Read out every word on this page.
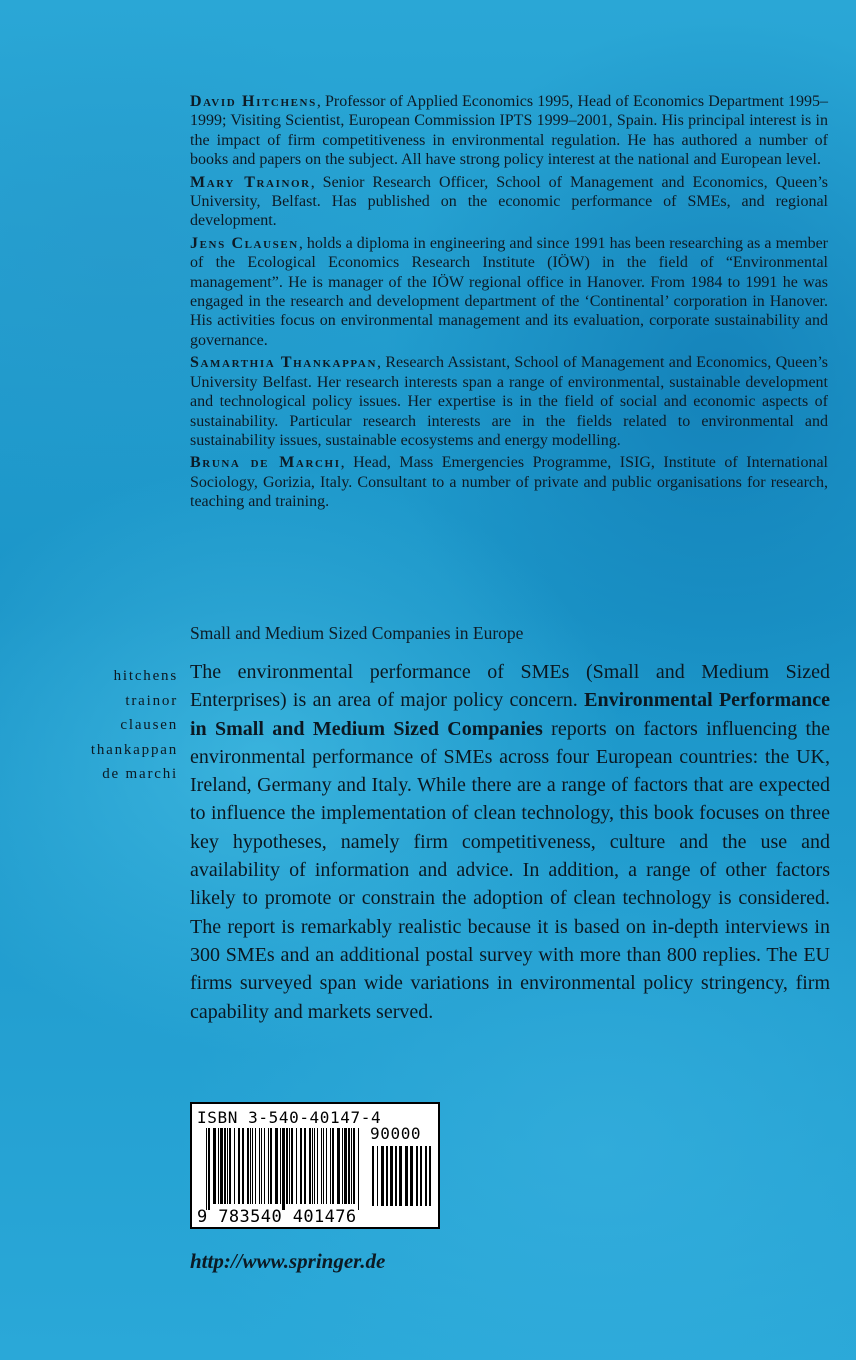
David Hitchens, Professor of Applied Economics 1995, Head of Economics Department 1995–1999; Visiting Scientist, European Commission IPTS 1999–2001, Spain. His principal interest is in the impact of firm competitiveness in environmental regulation. He has authored a number of books and papers on the subject. All have strong policy interest at the national and European level.

Mary Trainor, Senior Research Officer, School of Management and Economics, Queen’s University, Belfast. Has published on the economic performance of SMEs, and regional development.

Jens Clausen, holds a diploma in engineering and since 1991 has been researching as a member of the Ecological Economics Research Institute (IÖW) in the field of “Environmental management”. He is manager of the IÖW regional office in Hanover. From 1984 to 1991 he was engaged in the research and development department of the ‘Continental’ corporation in Hanover. His activities focus on environmental management and its evaluation, corporate sustainability and governance.

Samarthia Thankappan, Research Assistant, School of Management and Economics, Queen’s University Belfast. Her research interests span a range of environmental, sustainable development and technological policy issues. Her expertise is in the field of social and economic aspects of sustainability. Particular research interests are in the fields related to environmental and sustainability issues, sustainable ecosystems and energy modelling.

Bruna de Marchi, Head, Mass Emergencies Programme, ISIG, Institute of International Sociology, Gorizia, Italy. Consultant to a number of private and public organisations for research, teaching and training.

Small and Medium Sized Companies in Europe
hitchens
trainor
clausen
thankappan
de marchi
The environmental performance of SMEs (Small and Medium Sized Enterprises) is an area of major policy concern. Environmental Performance in Small and Medium Sized Companies reports on factors influencing the environmental performance of SMEs across four European countries: the UK, Ireland, Germany and Italy. While there are a range of factors that are expected to influence the implementation of clean technology, this book focuses on three key hypotheses, namely firm competitiveness, culture and the use and availability of information and advice. In addition, a range of other factors likely to promote or constrain the adoption of clean technology is considered. The report is remarkably realistic because it is based on in-depth interviews in 300 SMEs and an additional postal survey with more than 800 replies. The EU firms surveyed span wide variations in environmental policy stringency, firm capability and markets served.
ISBN 3-540-40147-4
90000
9 783540 401476
http://www.springer.de
